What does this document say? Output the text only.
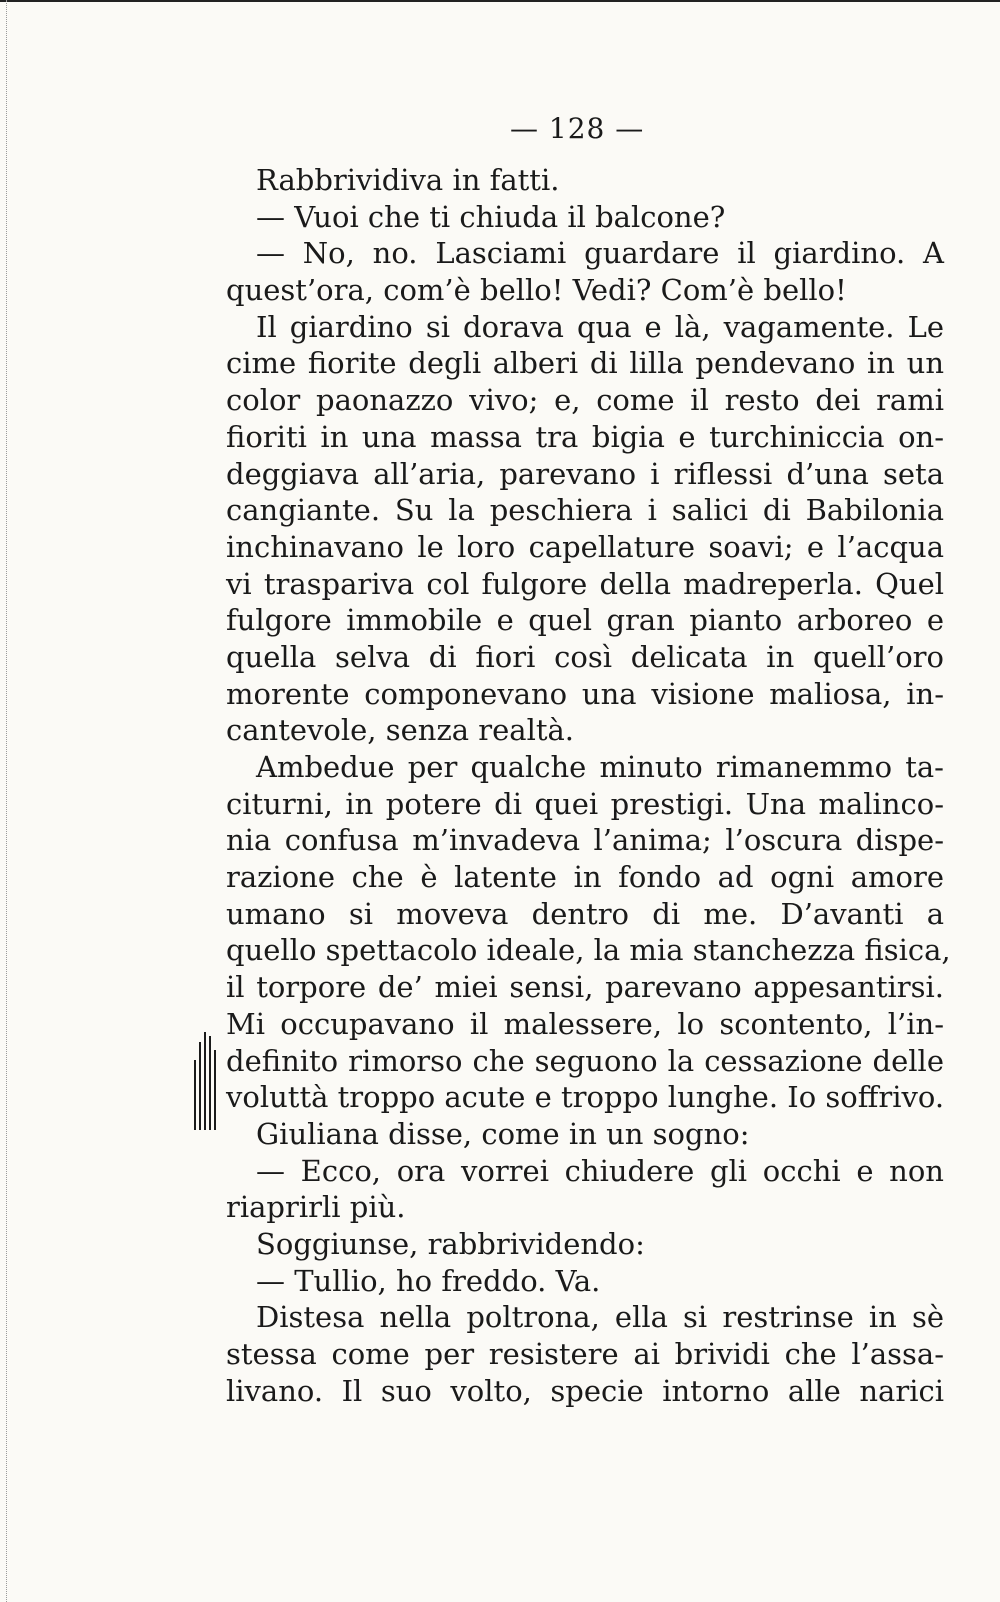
— 128 —
Rabbrividiva in fatti.
— Vuoi che ti chiuda il balcone?
— No, no. Lasciami guardare il giardino. A
quest’ora, com’è bello! Vedi? Com’è bello!
Il giardino si dorava qua e là, vagamente. Le
cime fiorite degli alberi di lilla pendevano in un
color paonazzo vivo; e, come il resto dei rami
fioriti in una massa tra bigia e turchiniccia on-
deggiava all’aria, parevano i riflessi d’una seta
cangiante. Su la peschiera i salici di Babilonia
inchinavano le loro capellature soavi; e l’acqua
vi trаspariva col fulgore della madreperla. Quel
fulgore immobile e quel gran pianto arboreo e
quella selva di fiori così delicata in quell’oro
morente componevano una visione maliosa, in-
cantevole, senza realtà.
Ambedue per qualche minuto rimanemmo ta-
citurni, in potere di quei prestigi. Una malinco-
nia confusa m’invadeva l’anima; l’oscura dispe-
razione che è latente in fondo ad ogni amore
umano si moveva dentro di me. D’avanti a
quello spettacolo ideale, la mia stanchezza fisica,
il torpore de’ miei sensi, parevano appesantirsi.
Mi occupavano il malessere, lo scontento, l’in-
definito rimorso che seguono la cessazione delle
voluttà troppo acute e troppo lunghe. Io soffrivo.
Giuliana disse, come in un sogno:
— Ecco, ora vorrei chiudere gli occhi e non
riaprirli più.
Soggiunse, rabbrividendo:
— Tullio, ho freddo. Va.
Distesa nella poltrona, ella si restrinse in sè
stessa come per resistere ai brividi che l’assa-
livano. Il suo volto, specie intorno alle narici
